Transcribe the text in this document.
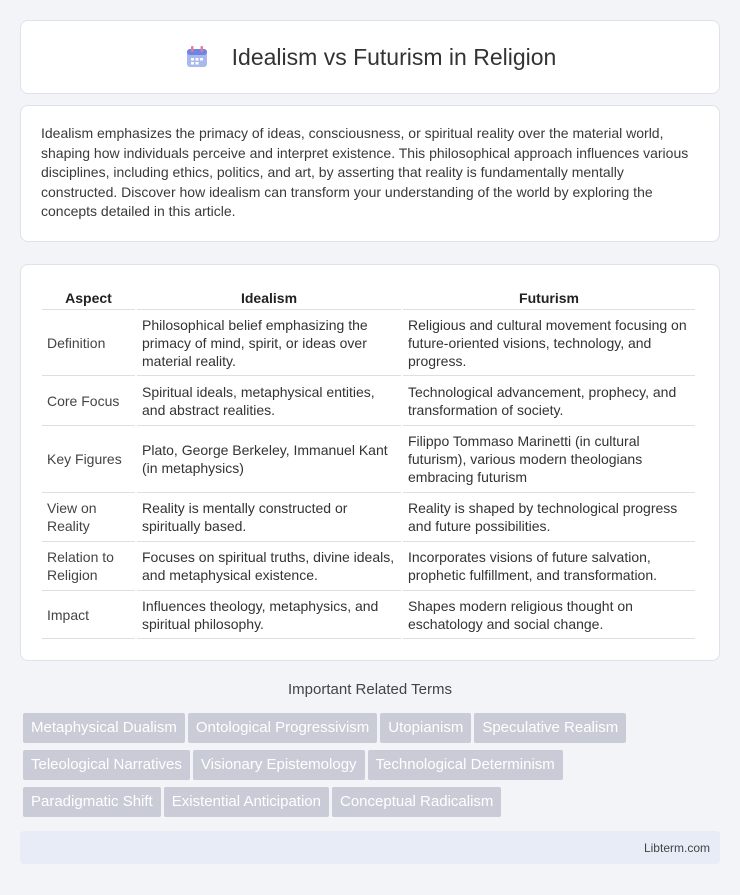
Idealism vs Futurism in Religion

Idealism emphasizes the primacy of ideas, consciousness, or spiritual reality over the material world, shaping how individuals perceive and interpret existence. This philosophical approach influences various disciplines, including ethics, politics, and art, by asserting that reality is fundamentally mentally constructed. Discover how idealism can transform your understanding of the world by exploring the concepts detailed in this article.

Aspect	Idealism	Futurism
Definition	Philosophical belief emphasizing the primacy of mind, spirit, or ideas over material reality.	Religious and cultural movement focusing on future-oriented visions, technology, and progress.
Core Focus	Spiritual ideals, metaphysical entities, and abstract realities.	Technological advancement, prophecy, and transformation of society.
Key Figures	Plato, George Berkeley, Immanuel Kant (in metaphysics)	Filippo Tommaso Marinetti (in cultural futurism), various modern theologians embracing futurism
View on Reality	Reality is mentally constructed or spiritually based.	Reality is shaped by technological progress and future possibilities.
Relation to Religion	Focuses on spiritual truths, divine ideals, and metaphysical existence.	Incorporates visions of future salvation, prophetic fulfillment, and transformation.
Impact	Influences theology, metaphysics, and spiritual philosophy.	Shapes modern religious thought on eschatology and social change.
Important Related Terms
Metaphysical Dualism Ontological Progressivism Utopianism Speculative Realism
Teleological Narratives Visionary Epistemology Technological Determinism
Paradigmatic Shift Existential Anticipation Conceptual Radicalism
Libterm.com
